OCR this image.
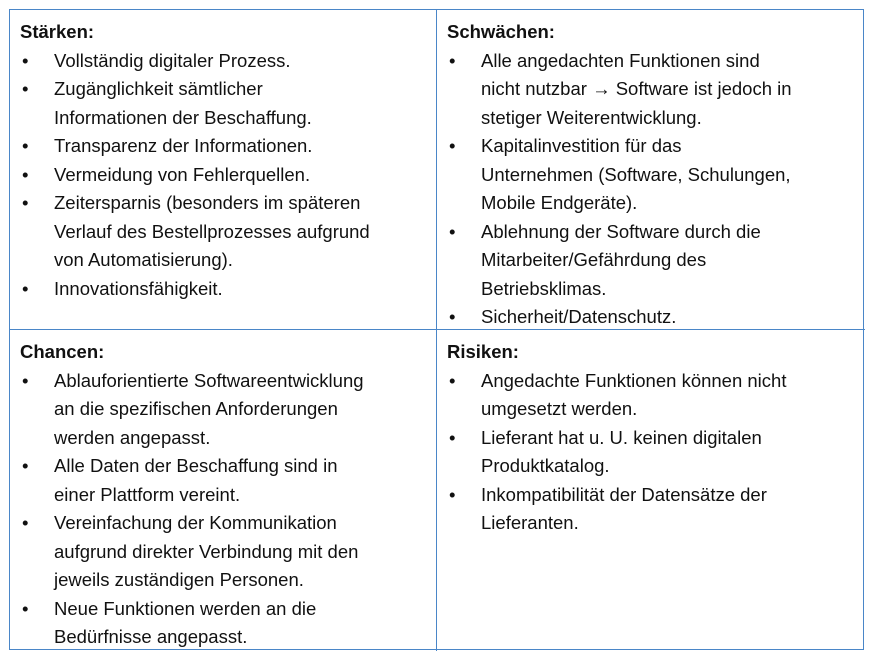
Stärken:
• Vollständig digitaler Prozess.
• Zugänglichkeit sämtlicher
Informationen der Beschaffung.
• Transparenz der Informationen.
• Vermeidung von Fehlerquellen.
• Zeitersparnis (besonders im späteren
Verlauf des Bestellprozesses aufgrund
von Automatisierung).
• Innovationsfähigkeit.
Schwächen:
• Alle angedachten Funktionen sind
nicht nutzbar → Software ist jedoch in
stetiger Weiterentwicklung.
• Kapitalinvestition für das
Unternehmen (Software, Schulungen,
Mobile Endgeräte).
• Ablehnung der Software durch die
Mitarbeiter/Gefährdung des
Betriebsklimas.
• Sicherheit/Datenschutz.
Chancen:
• Ablauforientierte Softwareentwicklung
an die spezifischen Anforderungen
werden angepasst.
• Alle Daten der Beschaffung sind in
einer Plattform vereint.
• Vereinfachung der Kommunikation
aufgrund direkter Verbindung mit den
jeweils zuständigen Personen.
• Neue Funktionen werden an die
Bedürfnisse angepasst.
Risiken:
• Angedachte Funktionen können nicht
umgesetzt werden.
• Lieferant hat u. U. keinen digitalen
Produktkatalog.
• Inkompatibilität der Datensätze der
Lieferanten.
